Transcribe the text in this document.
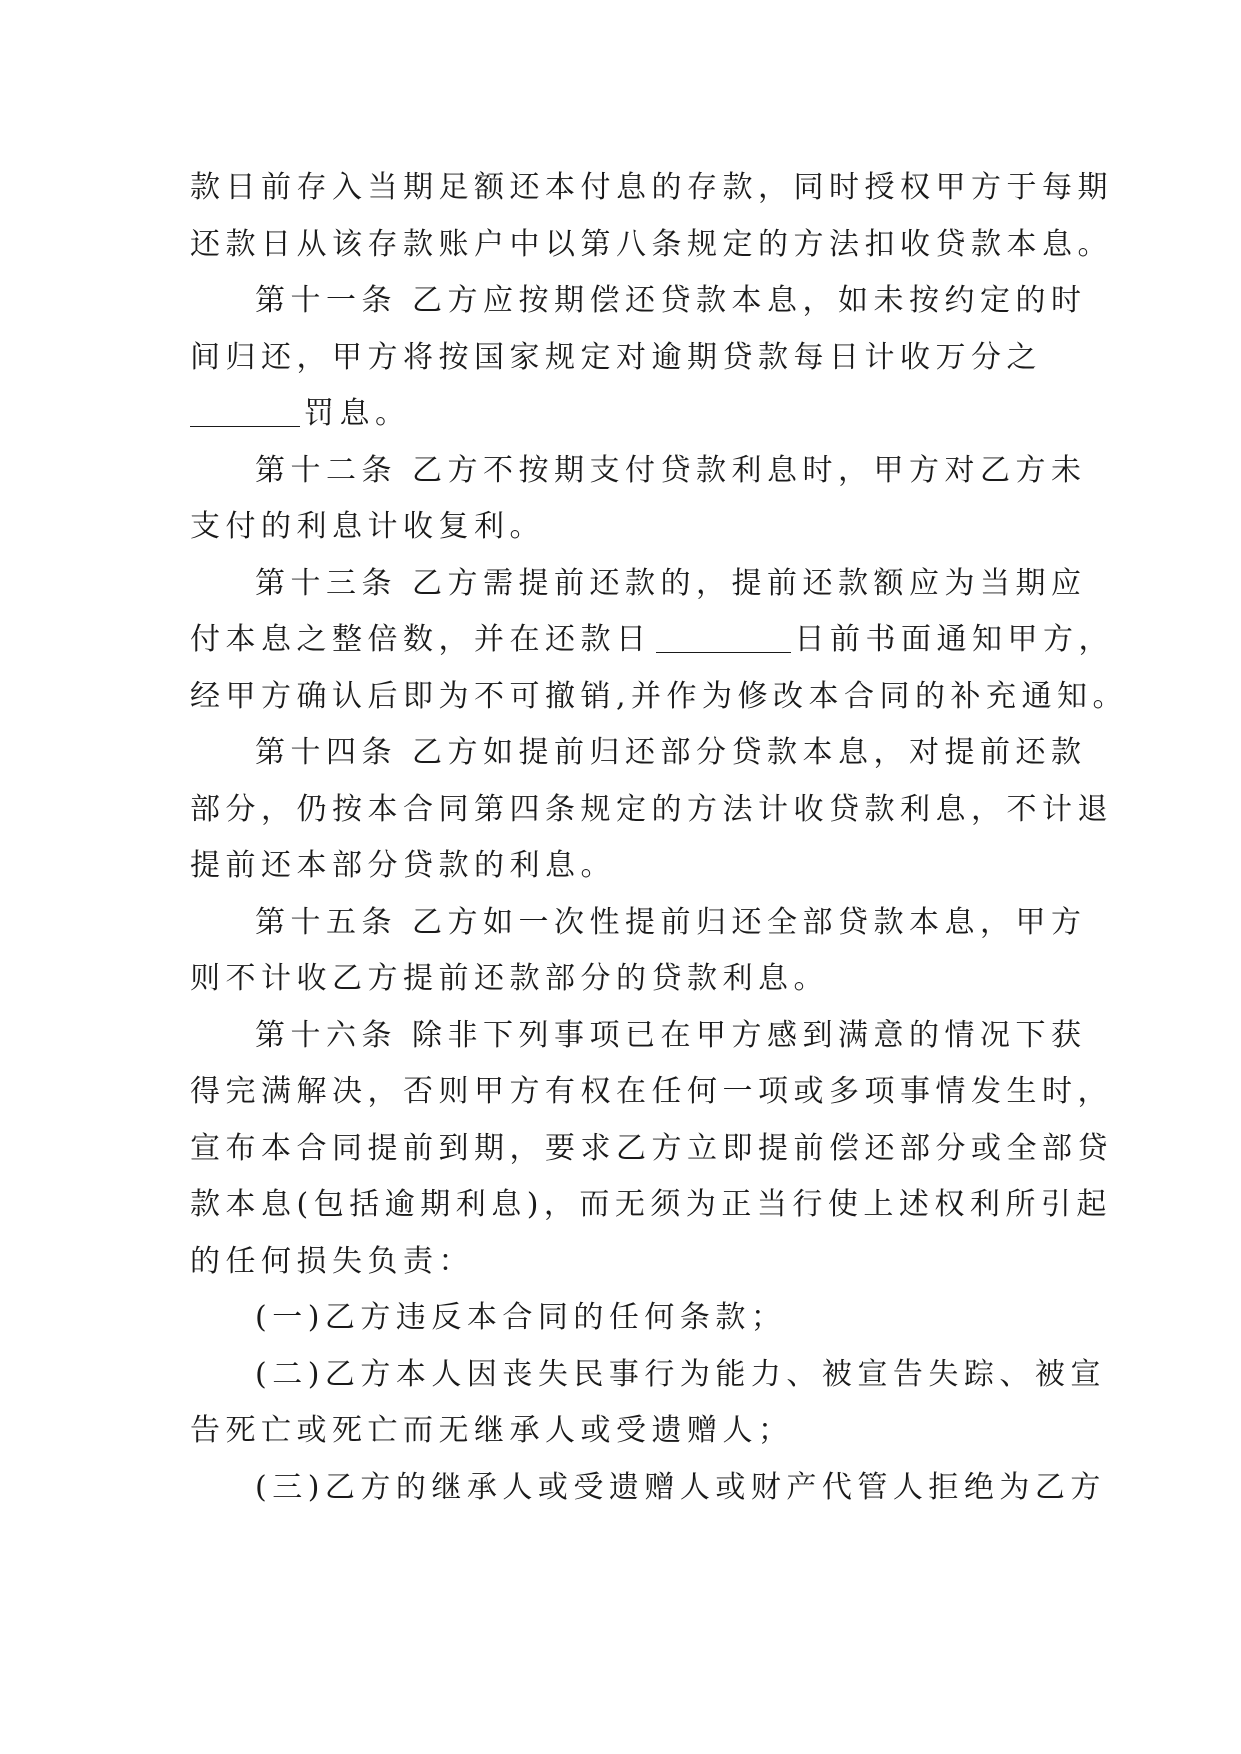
款日前存入当期足额还本付息的存款，同时授权甲方于每期
还款日从该存款账户中以第八条规定的方法扣收贷款本息。
第十一条 乙方应按期偿还贷款本息，如未按约定的时
间归还，甲方将按国家规定对逾期贷款每日计收万分之
罚息。
第十二条 乙方不按期支付贷款利息时，甲方对乙方未
支付的利息计收复利。
第十三条 乙方需提前还款的，提前还款额应为当期应
付本息之整倍数，并在还款日	日前书面通知甲方，
经甲方确认后即为不可撤销,并作为修改本合同的补充通知。
第十四条 乙方如提前归还部分贷款本息，对提前还款
部分，仍按本合同第四条规定的方法计收贷款利息，不计退
提前还本部分贷款的利息。
第十五条 乙方如一次性提前归还全部贷款本息，甲方
则不计收乙方提前还款部分的贷款利息。
第十六条 除非下列事项已在甲方感到满意的情况下获
得完满解决，否则甲方有权在任何一项或多项事情发生时，
宣布本合同提前到期，要求乙方立即提前偿还部分或全部贷
款本息(包括逾期利息)，而无须为正当行使上述权利所引起
的任何损失负责：
(一)乙方违反本合同的任何条款；
(二)乙方本人因丧失民事行为能力、被宣告失踪、被宣
告死亡或死亡而无继承人或受遗赠人；
(三)乙方的继承人或受遗赠人或财产代管人拒绝为乙方
